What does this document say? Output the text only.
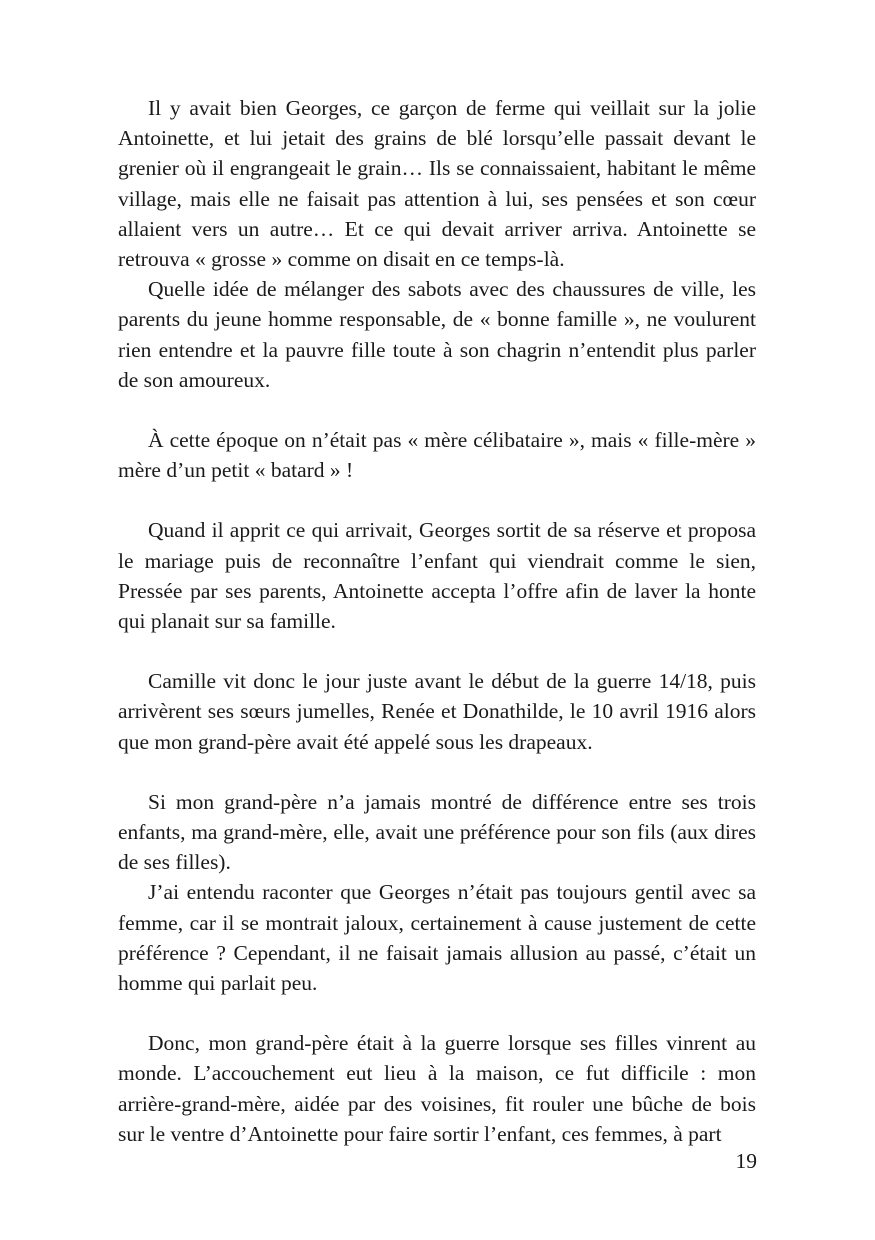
Il y avait bien Georges, ce garçon de ferme qui veillait sur la jolie Antoinette, et lui jetait des grains de blé lorsqu’elle passait devant le grenier où il engrangeait le grain… Ils se connaissaient, habitant le même village, mais elle ne faisait pas attention à lui, ses pensées et son cœur allaient vers un autre… Et ce qui devait arriver arriva. Antoinette se retrouva « grosse » comme on disait en ce temps-là.

Quelle idée de mélanger des sabots avec des chaussures de ville, les parents du jeune homme responsable, de « bonne famille », ne voulurent rien entendre et la pauvre fille toute à son chagrin n’entendit plus parler de son amoureux.

À cette époque on n’était pas « mère célibataire », mais « fille-mère » mère d’un petit « batard » !

Quand il apprit ce qui arrivait, Georges sortit de sa réserve et proposa le mariage puis de reconnaître l’enfant qui viendrait comme le sien, Pressée par ses parents, Antoinette accepta l’offre afin de laver la honte qui planait sur sa famille.

Camille vit donc le jour juste avant le début de la guerre 14/18, puis arrivèrent ses sœurs jumelles, Renée et Donathilde, le 10 avril 1916 alors que mon grand-père avait été appelé sous les drapeaux.

Si mon grand-père n’a jamais montré de différence entre ses trois enfants, ma grand-mère, elle, avait une préférence pour son fils (aux dires de ses filles).

J’ai entendu raconter que Georges n’était pas toujours gentil avec sa femme, car il se montrait jaloux, certainement à cause justement de cette préférence ? Cependant, il ne faisait jamais allusion au passé, c’était un homme qui parlait peu.

Donc, mon grand-père était à la guerre lorsque ses filles vinrent au monde. L’accouchement eut lieu à la maison, ce fut difficile : mon arrière-grand-mère, aidée par des voisines, fit rouler une bûche de bois sur le ventre d’Antoinette pour faire sortir l’enfant, ces femmes, à part

19
